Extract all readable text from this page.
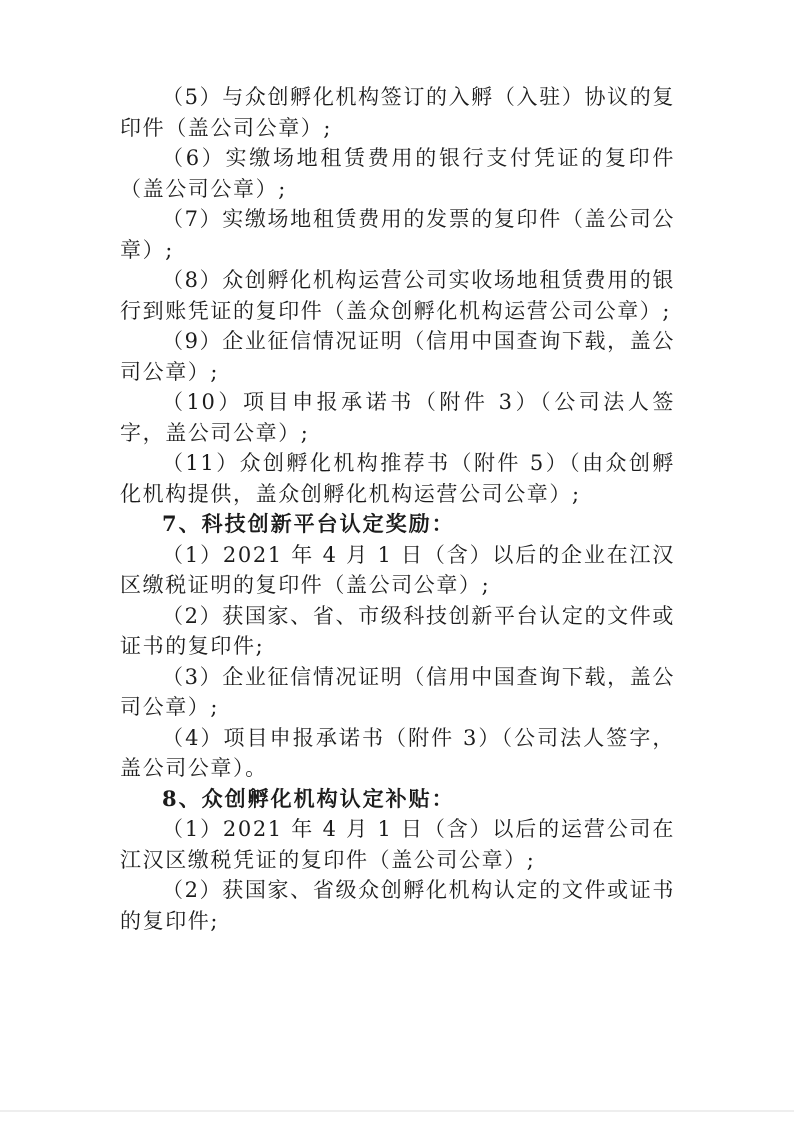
（5）与众创孵化机构签订的入孵（入驻）协议的复印件（盖公司公章）;

（6）实缴场地租赁费用的银行支付凭证的复印件（盖公司公章）;

（7）实缴场地租赁费用的发票的复印件（盖公司公章）;

（8）众创孵化机构运营公司实收场地租赁费用的银行到账凭证的复印件（盖众创孵化机构运营公司公章）;

（9）企业征信情况证明（信用中国查询下载，盖公司公章）;

（10）项目申报承诺书（附件 3）（公司法人签字，盖公司公章）;

（11）众创孵化机构推荐书（附件 5）（由众创孵化机构提供，盖众创孵化机构运营公司公章）;

7、科技创新平台认定奖励：

（1）2021 年 4 月 1 日（含）以后的企业在江汉区缴税证明的复印件（盖公司公章）;

（2）获国家、省、市级科技创新平台认定的文件或证书的复印件;

（3）企业征信情况证明（信用中国查询下载，盖公司公章）;

（4）项目申报承诺书（附件 3）（公司法人签字，盖公司公章）。

8、众创孵化机构认定补贴：

（1）2021 年 4 月 1 日（含）以后的运营公司在江汉区缴税凭证的复印件（盖公司公章）;

（2）获国家、省级众创孵化机构认定的文件或证书的复印件;
